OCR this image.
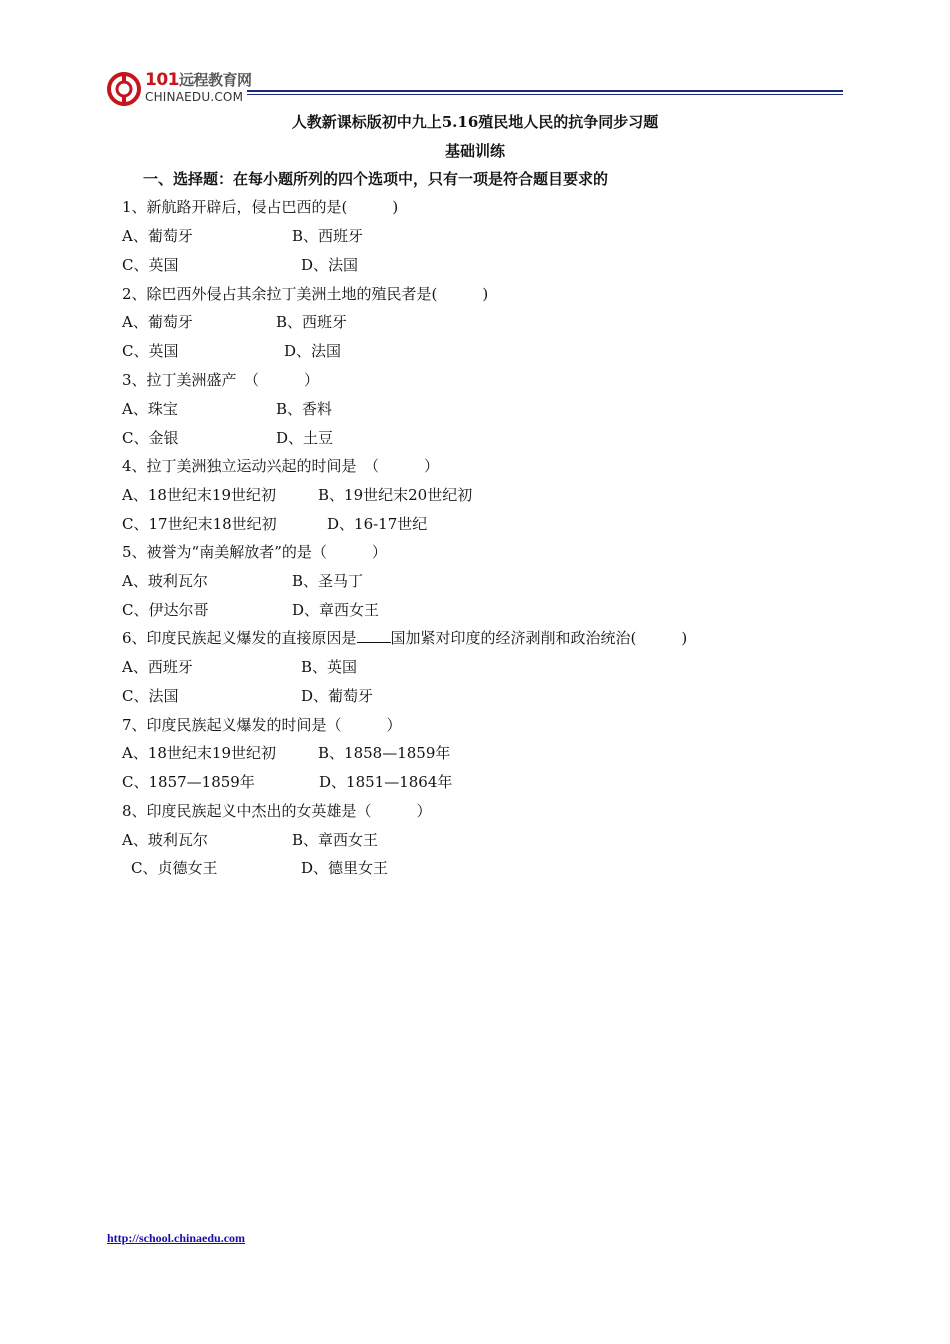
101远程教育网
CHINAEDU.COM
人教新课标版初中九上5.16殖民地人民的抗争同步习题
基础训练
一、选择题：在每小题所列的四个选项中，只有一项是符合题目要求的
1、新航路开辟后，侵占巴西的是(　　　)
A、葡萄牙	B、西班牙
C、英国	D、法国
2、除巴西外侵占其余拉丁美洲土地的殖民者是(　　　)
A、葡萄牙	B、西班牙
C、英国	D、法国
3、拉丁美洲盛产　（　　　）
A、珠宝	B、香料
C、金银	D、土豆
4、拉丁美洲独立运动兴起的时间是　（　　　）
A、18世纪末19世纪初	B、19世纪末20世纪初
C、17世纪末18世纪初	D、16-17世纪
5、被誉为“南美解放者”的是（　　　）
A、玻利瓦尔	B、圣马丁
C、伊达尔哥	D、章西女王
6、印度民族起义爆发的直接原因是 国加紧对印度的经济剥削和政治统治(　　　)
A、西班牙	B、英国
C、法国	D、葡萄牙
7、印度民族起义爆发的时间是（　　　）
A、18世纪末19世纪初	B、1858—1859年
C、1857—1859年	D、1851—1864年
8、印度民族起义中杰出的女英雄是（　　　）
A、玻利瓦尔	B、章西女王
C、贞德女王	D、德里女王
http://school.chinaedu.com
